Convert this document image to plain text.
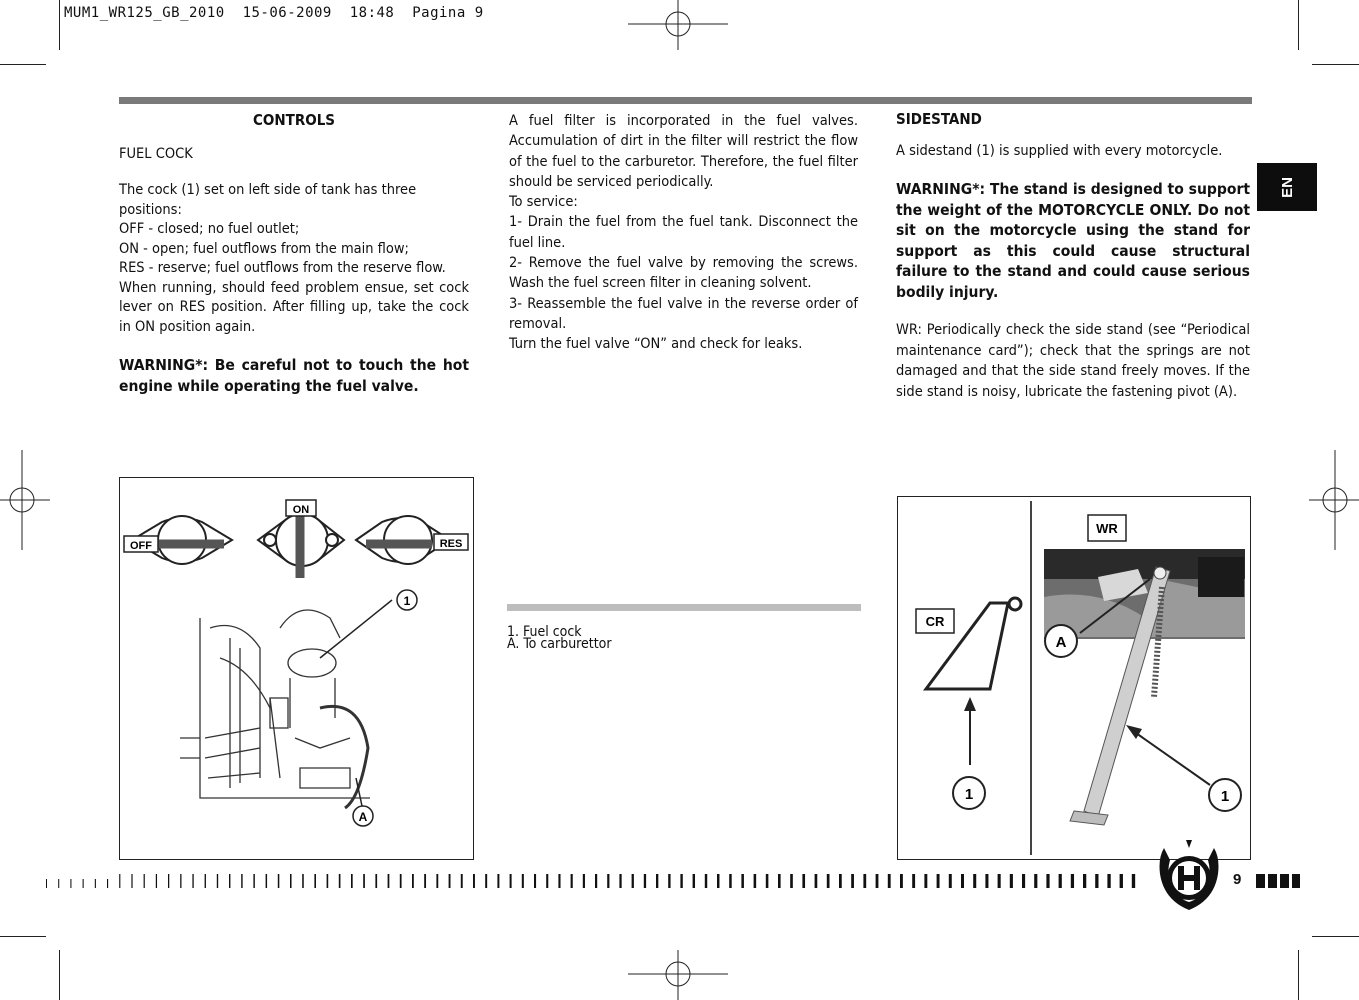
MUM1_WR125_GB_2010  15-06-2009  18:48  Pagina 9
EN

CONTROLS

FUEL COCK

The cock (1) set on left side of tank has three positions:

OFF - closed; no fuel outlet;

ON - open; fuel outflows from the main flow;

RES - reserve; fuel outflows from the reserve flow.

When running, should feed problem ensue, set cock lever on RES position. After filling up, take the cock in ON position again.

WARNING*: Be careful not to touch the hot engine while operating the fuel valve.

A fuel filter is incorporated in the fuel valves. Accumulation of dirt in the filter will restrict the flow of the fuel to the carburetor. Therefore, the fuel filter should be serviced periodically.

To service:

1- Drain the fuel from the fuel tank. Disconnect the fuel line.

2- Remove the fuel valve by removing the screws. Wash the fuel screen filter in cleaning solvent.

3- Reassemble the fuel valve in the reverse order of removal.

Turn the fuel valve “ON” and check for leaks.

1. Fuel cock
A. To carburettor

SIDESTAND

A sidestand (1) is supplied with every motorcycle.

WARNING*: The stand is designed to support the weight of the MOTORCYCLE ONLY. Do not sit on the motorcycle using the stand for support as this could cause structural failure to the stand and could cause serious bodily injury.

WR: Periodically check the side stand (see “Periodical maintenance card”); check that the springs are not damaged and that the side stand freely moves. If the side stand is noisy, lubricate the fastening pivot (A).

OFF
ON
RES
1
A
CR
1
WR
A
1
9
